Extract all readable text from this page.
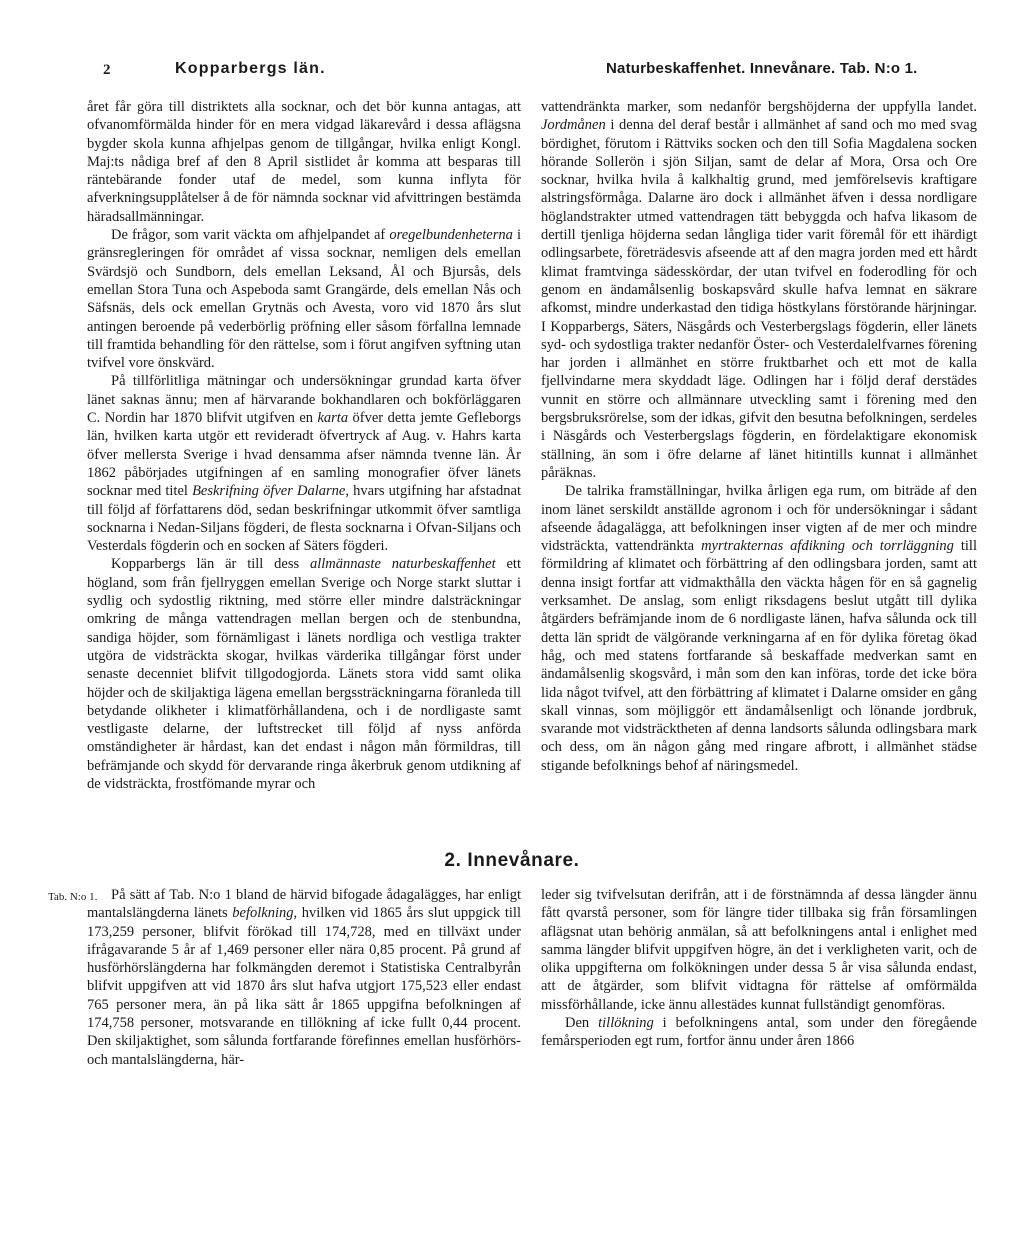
2	Kopparbergs län.	Naturbeskaffenhet. Innevånare. Tab. N:o 1.

året får göra till distriktets alla socknar, och det bör kunna antagas, att ofvanomförmälda hinder för en mera vidgad läkarevård i dessa aflägsna bygder skola kunna afhjelpas genom de tillgångar, hvilka enligt Kongl. Maj:ts nådiga bref af den 8 April sistlidet år komma att besparas till räntebärande fonder utaf de medel, som kunna inflyta för afverkningsupplåtelser å de för nämnda socknar vid afvittringen bestämda häradsallmänningar.

De frågor, som varit väckta om afhjelpandet af oregelbundenheterna i gränsregleringen för området af vissa socknar, nemligen dels emellan Svärdsjö och Sundborn, dels emellan Leksand, Ål och Bjursås, dels emellan Stora Tuna och Aspeboda samt Grangärde, dels emellan Nås och Säfsnäs, dels ock emellan Grytnäs och Avesta, voro vid 1870 års slut antingen beroende på vederbörlig pröfning eller såsom förfallna lemnade till framtida behandling för den rättelse, som i förut angifven syftning utan tvifvel vore önskvärd.

På tillförlitliga mätningar och undersökningar grundad karta öfver länet saknas ännu; men af härvarande bokhandlaren och bokförläggaren C. Nordin har 1870 blifvit utgifven en karta öfver detta jemte Gefleborgs län, hvilken karta utgör ett revideradt öfvertryck af Aug. v. Hahrs karta öfver mellersta Sverige i hvad densamma afser nämnda tvenne län. År 1862 påbörjades utgifningen af en samling monografier öfver länets socknar med titel Beskrifning öfver Dalarne, hvars utgifning har afstadnat till följd af författarens död, sedan beskrifningar utkommit öfver samtliga socknarna i Nedan-Siljans fögderi, de flesta socknarna i Ofvan-Siljans och Vesterdals fögderin och en socken af Säters fögderi.

Kopparbergs län är till dess allmännaste naturbeskaffenhet ett högland, som från fjellryggen emellan Sverige och Norge starkt sluttar i sydlig och sydostlig riktning, med större eller mindre dalsträckningar omkring de många vattendragen mellan bergen och de stenbundna, sandiga höjder, som förnämligast i länets nordliga och vestliga trakter utgöra de vidsträckta skogar, hvilkas värderika tillgångar först under senaste decenniet blifvit tillgodogjorda. Länets stora vidd samt olika höjder och de skiljaktiga lägena emellan bergssträckningarna föranleda till betydande olikheter i klimatförhållandena, och i de nordligaste samt vestligaste delarne, der luftstrecket till följd af nyss anförda omständigheter är hårdast, kan det endast i någon mån förmildras, till befrämjande och skydd för dervarande ringa åkerbruk genom utdikning af de vidsträckta, frostfömande myrar och

vattendränkta marker, som nedanför bergshöjderna der uppfylla landet. Jordmånen i denna del deraf består i allmänhet af sand och mo med svag bördighet, förutom i Rättviks socken och den till Sofia Magdalena socken hörande Sollerön i sjön Siljan, samt de delar af Mora, Orsa och Ore socknar, hvilka hvila å kalkhaltig grund, med jemförelsevis kraftigare alstringsförmåga. Dalarne äro dock i allmänhet äfven i dessa nordligare höglandstrakter utmed vattendragen tätt bebyggda och hafva likasom de dertill tjenliga höjderna sedan långliga tider varit föremål för ett ihärdigt odlingsarbete, företrädesvis afseende att af den magra jorden med ett hårdt klimat framtvinga sädesskördar, der utan tvifvel en foderodling för och genom en ändamålsenlig boskapsvård skulle hafva lemnat en säkrare afkomst, mindre underkastad den tidiga höstkylans förstörande härjningar. I Kopparbergs, Säters, Näsgårds och Vesterbergslags fögderin, eller länets syd- och sydostliga trakter nedanför Öster- och Vesterdalelfvarnes förening har jorden i allmänhet en större fruktbarhet och ett mot de kalla fjellvindarne mera skyddadt läge. Odlingen har i följd deraf derstädes vunnit en större och allmännare utveckling samt i förening med den bergsbruksrörelse, som der idkas, gifvit den besutna befolkningen, serdeles i Näsgårds och Vesterbergslags fögderin, en fördelaktigare ekonomisk ställning, än som i öfre delarne af länet hitintills kunnat i allmänhet påräknas.

De talrika framställningar, hvilka årligen ega rum, om biträde af den inom länet serskildt anställde agronom i och för undersökningar i sådant afseende ådagalägga, att befolkningen inser vigten af de mer och mindre vidsträckta, vattendränkta myrtrakternas afdikning och torrläggning till förmildring af klimatet och förbättring af den odlingsbara jorden, samt att denna insigt fortfar att vidmakthålla den väckta hågen för en så gagnelig verksamhet. De anslag, som enligt riksdagens beslut utgått till dylika åtgärders befrämjande inom de 6 nordligaste länen, hafva sålunda ock till detta län spridt de välgörande verkningarna af en för dylika företag ökad håg, och med statens fortfarande så beskaffade medverkan samt en ändamålsenlig skogsvård, i mån som den kan införas, torde det icke böra lida något tvifvel, att den förbättring af klimatet i Dalarne omsider en gång skall vinnas, som möjliggör ett ändamålsenligt och lönande jordbruk, svarande mot vidsträcktheten af denna landsorts sålunda odlingsbara mark och dess, om än någon gång med ringare afbrott, i allmänhet städse stigande befolknings behof af näringsmedel.

2. Innevånare.
Tab. N:o 1. På sätt af Tab. N:o 1 bland de härvid bifogade ådagalägges, har enligt mantalslängderna länets befolkning, hvilken vid 1865 års slut uppgick till 173,259 personer, blifvit förökad till 174,728, med en tillväxt under ifrågavarande 5 år af 1,469 personer eller nära 0,85 procent. På grund af husförhörslängderna har folkmängden deremot i Statistiska Centralbyrån blifvit uppgifven att vid 1870 års slut hafva utgjort 175,523 eller endast 765 personer mera, än på lika sätt år 1865 uppgifna befolkningen af 174,758 personer, motsvarande en tillökning af icke fullt 0,44 procent. Den skiljaktighet, som sålunda fortfarande förefinnes emellan husförhörs- och mantalslängderna, här-

leder sig tvifvelsutan derifrån, att i de förstnämnda af dessa längder ännu fått qvarstå personer, som för längre tider tillbaka sig från församlingen aflägsnat utan behörig anmälan, så att befolkningens antal i enlighet med samma längder blifvit uppgifven högre, än det i verkligheten varit, och de olika uppgifterna om folkökningen under dessa 5 år visa sålunda endast, att de åtgärder, som blifvit vidtagna för rättelse af omförmälda missförhållande, icke ännu allestädes kunnat fullständigt genomföras.

Den tillökning i befolkningens antal, som under den föregående femårsperioden egt rum, fortfor ännu under åren 1866
